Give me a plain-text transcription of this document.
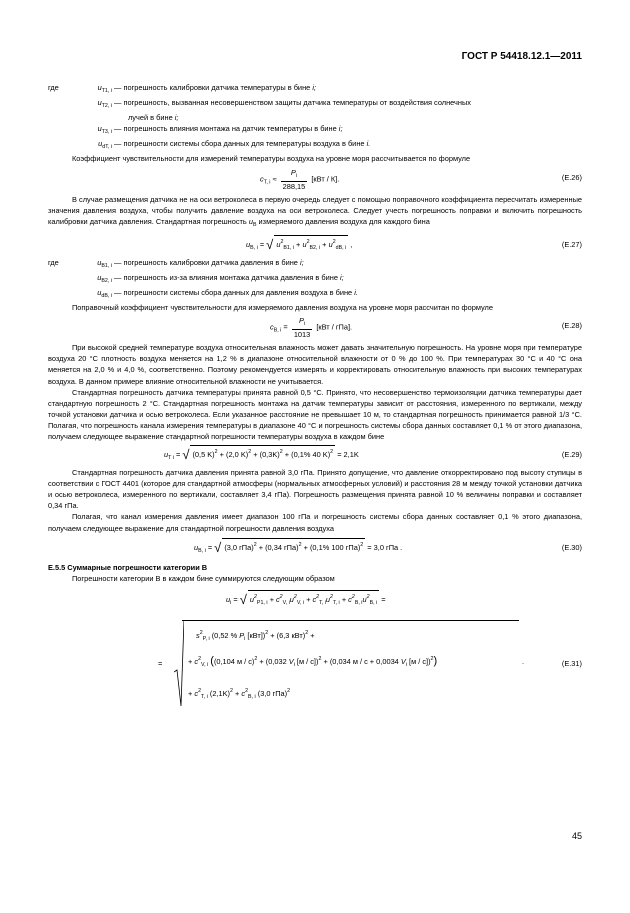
ГОСТ Р 54418.12.1—2011
где	$u_{T1, i}$ — погрешность калибровки датчика температуры в бине i;
$u_{T2, i}$ — погрешность, вызванная несовершенством защиты датчика температуры от воздействия солнечных
лучей в бине i;
$u_{T3, i}$ — погрешность влияния монтажа на датчик температуры в бине i;
$u_{dT, i}$ — погрешности системы сбора данных для температуры воздуха в бине i.

Коэффициент чувствительности для измерений температуры воздуха на уровне моря рассчитывается по формуле

$c_{T, i} \approx \frac{P_i}{288,15} [кВт / К]$.	(E.26)

В случае размещения датчика не на оси ветроколеса в первую очередь следует с помощью поправочного коэффициента пересчитать измеренные значения давления воздуха, чтобы получить давление воздуха на оси ветроколеса. Следует учесть погрешность поправки и включить погрешность калибровки датчика давления. Стандартная погрешность $u_B$ измеряемого давления воздуха для каждого бина

$u_{B, i}$ = √ $u^2_{B1, i} + u^2_{B2, i} + u^2_{dB, i}$ ,	(E.27)
где	$u_{B1, i}$ — погрешность калибровки датчика давления в бине i;
$u_{B2, i}$ — погрешность из-за влияния монтажа датчика давления в бине i;
$u_{dB, i}$ — погрешности системы сбора данных для давления воздуха в бине i.

Поправочный коэффициент чувствительности для измеряемого давления воздуха на уровне моря рассчитан по формуле

$c_{B, i} = \frac{P_i}{1013} [кВт / гПа]$.	(E.28)

При высокой средней температуре воздуха относительная влажность может давать значительную погрешность. На уровне моря при температуре воздуха 20 °С плотность воздуха меняется на 1,2 % в диапазоне относительной влажности от 0 % до 100 %. При температурах 30 °С и 40 °С она меняется на 2,0 % и 4,0 %, соответственно. Поэтому рекомендуется измерять и корректировать относительную влажность при высоких температурах воздуха. В данном примере влияние относительной влажности не учитывается.

Стандартная погрешность датчика температуры принята равной 0,5 °С. Принято, что несовершенство термоизоляции датчика температуры дает стандартную погрешность 2 °С. Стандартная погрешность монтажа на датчик температуры зависит от расстояния, измеренного по вертикали, между точкой установки датчика и осью ветроколеса. Если указанное расстояние не превышает 10 м, то стандартная погрешность принимается равной 1/3 °С. Полагая, что погрешность канала измерения температуры в диапазоне 40 °С и погрешность системы сбора данных составляет 0,1 % от этого диапазона, получаем следующее выражение стандартной погрешности температуры воздуха в каждом бине

$u_{T i}$ = √ (0,5 K)$^2$ + (2,0 $K)^2 + (0,3K)^2 + (0,1\%$ 40 K)$^2$ = 2,1K	(E.29)

Стандартная погрешность датчика давления принята равной 3,0 гПа. Принято допущение, что давление откорректировано под высоту ступицы в соответствии с ГОСТ 4401 (которое для стандартной атмосферы (нормальных атмосферных условий) и расстояния 28 м между точкой установки датчика и осью ветроколеса, измеренного по вертикали, составляет 3,4 гПа). Погрешность размещения принята равной 10 % величины поправки и составляет 0,34 гПа.

Полагая, что канал измерения давления имеет диапазон 100 гПа и погрешность системы сбора данных составляет 0,1 % этого диапазона, получаем следующее выражение для стандартной погрешности давления воздуха

$u_{B, i}$ = √ (3,0 гПа)$^2$ + (0,34 гПа)$^2$ + (0,1% 100 гПа)$^2$ = 3,0 гПа .	(E.30)

Е.5.5 Суммарные погрешности категории В

Погрешности категории В в каждом бине суммируются следующим образом

$u_i$ = √ $u^2_{P1, i} + c^2_{V, i}u^2_{V, i} + c^2_{T, i}u^2_{T, i} + c^2_{B, i}u^2_{B, i}$ =
=
$s^2_{P, i}$ (0,52 % $P_i$ [кВт])$^2$ + (6,3 кВт)$^2$ +
+ $c^2_{V, i}$ ((0,104 м / c)$^2$ + (0,032 $V_i$ [м / c])$^2$ + (0,034 м / с + 0,0034 $V_i$ [м / с])$^2$)	.
+ $c^2_{T, i}$ $(2,1K)^2 + c^2_{B, i}$ (3,0 гПа)$^2$
(E.31)
45
